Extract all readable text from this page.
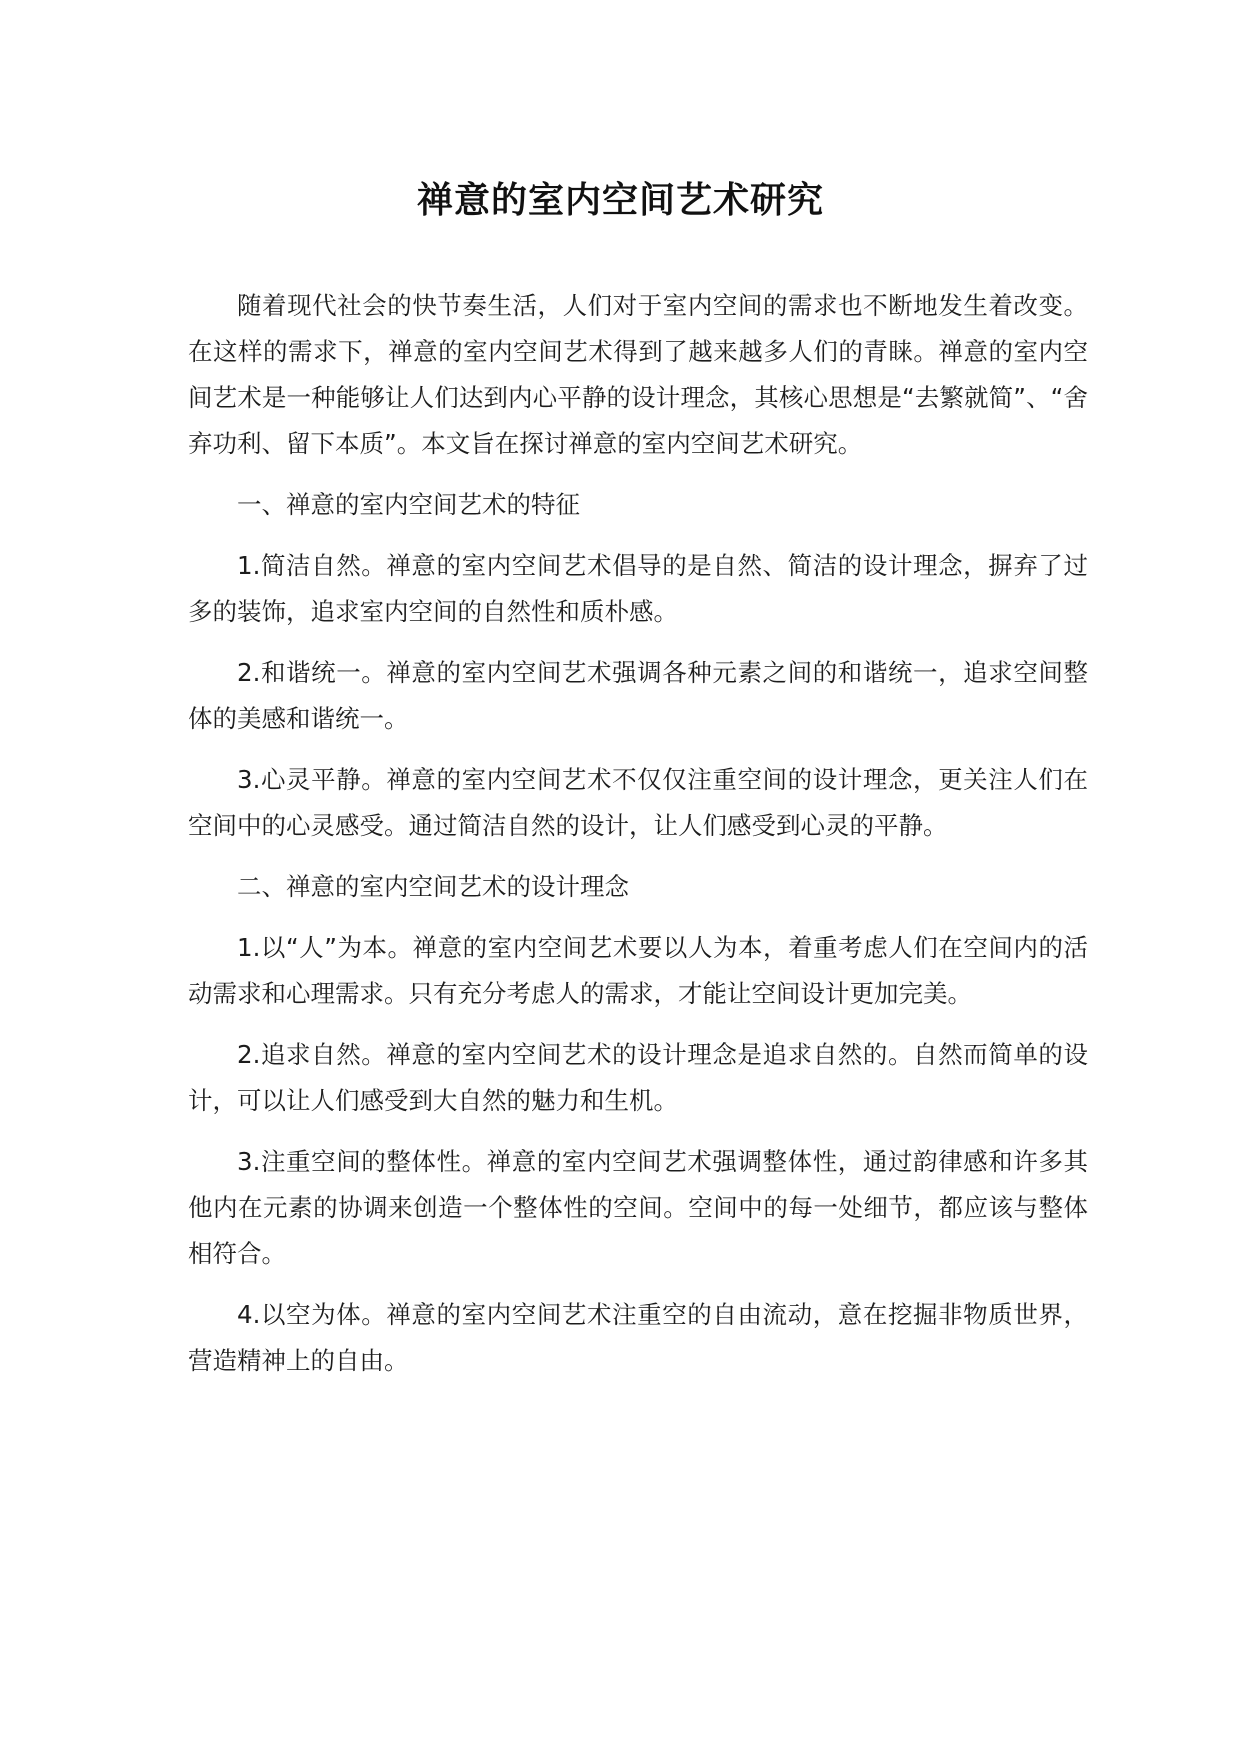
禅意的室内空间艺术研究

随着现代社会的快节奏生活，人们对于室内空间的需求也不断地发生着改变。在这样的需求下，禅意的室内空间艺术得到了越来越多人们的青睐。禅意的室内空间艺术是一种能够让人们达到内心平静的设计理念，其核心思想是“去繁就简”、“舍弃功利、留下本质”。本文旨在探讨禅意的室内空间艺术研究。

一、禅意的室内空间艺术的特征

1.简洁自然。禅意的室内空间艺术倡导的是自然、简洁的设计理念，摒弃了过多的装饰，追求室内空间的自然性和质朴感。

2.和谐统一。禅意的室内空间艺术强调各种元素之间的和谐统一，追求空间整体的美感和谐统一。

3.心灵平静。禅意的室内空间艺术不仅仅注重空间的设计理念，更关注人们在空间中的心灵感受。通过简洁自然的设计，让人们感受到心灵的平静。

二、禅意的室内空间艺术的设计理念

1.以“人”为本。禅意的室内空间艺术要以人为本，着重考虑人们在空间内的活动需求和心理需求。只有充分考虑人的需求，才能让空间设计更加完美。

2.追求自然。禅意的室内空间艺术的设计理念是追求自然的。自然而简单的设计，可以让人们感受到大自然的魅力和生机。

3.注重空间的整体性。禅意的室内空间艺术强调整体性，通过韵律感和许多其他内在元素的协调来创造一个整体性的空间。空间中的每一处细节，都应该与整体相符合。

4.以空为体。禅意的室内空间艺术注重空的自由流动，意在挖掘非物质世界，营造精神上的自由。
